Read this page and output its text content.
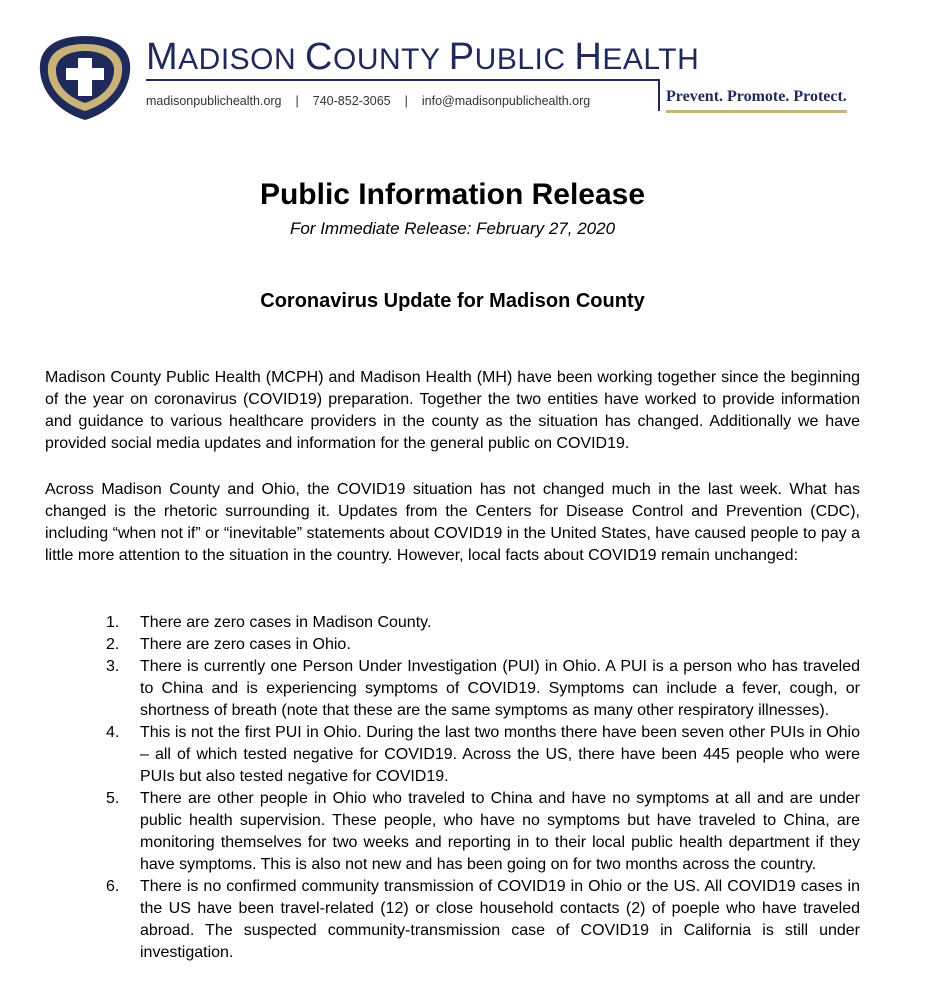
MADISON COUNTY PUBLIC HEALTH
madisonpublichealth.org | 740-852-3065 | info@madisonpublichealth.org	Prevent. Promote. Protect.
Public Information Release
For Immediate Release: February 27, 2020
Coronavirus Update for Madison County
Madison County Public Health (MCPH) and Madison Health (MH) have been working together since the beginning of the year on coronavirus (COVID19) preparation. Together the two entities have worked to provide information and guidance to various healthcare providers in the county as the situation has changed. Additionally we have provided social media updates and information for the general public on COVID19.
Across Madison County and Ohio, the COVID19 situation has not changed much in the last week. What has changed is the rhetoric surrounding it. Updates from the Centers for Disease Control and Prevention (CDC), including “when not if” or “inevitable” statements about COVID19 in the United States, have caused people to pay a little more attention to the situation in the country. However, local facts about COVID19 remain unchanged:
1. There are zero cases in Madison County.
2. There are zero cases in Ohio.
3. There is currently one Person Under Investigation (PUI) in Ohio. A PUI is a person who has traveled to China and is experiencing symptoms of COVID19. Symptoms can include a fever, cough, or shortness of breath (note that these are the same symptoms as many other respiratory illnesses).
4. This is not the first PUI in Ohio. During the last two months there have been seven other PUIs in Ohio – all of which tested negative for COVID19. Across the US, there have been 445 people who were PUIs but also tested negative for COVID19.
5. There are other people in Ohio who traveled to China and have no symptoms at all and are under public health supervision. These people, who have no symptoms but have traveled to China, are monitoring themselves for two weeks and reporting in to their local public health department if they have symptoms. This is also not new and has been going on for two months across the country.
6. There is no confirmed community transmission of COVID19 in Ohio or the US. All COVID19 cases in the US have been travel-related (12) or close household contacts (2) of poeple who have traveled abroad. The suspected community-transmission case of COVID19 in California is still under investigation.
